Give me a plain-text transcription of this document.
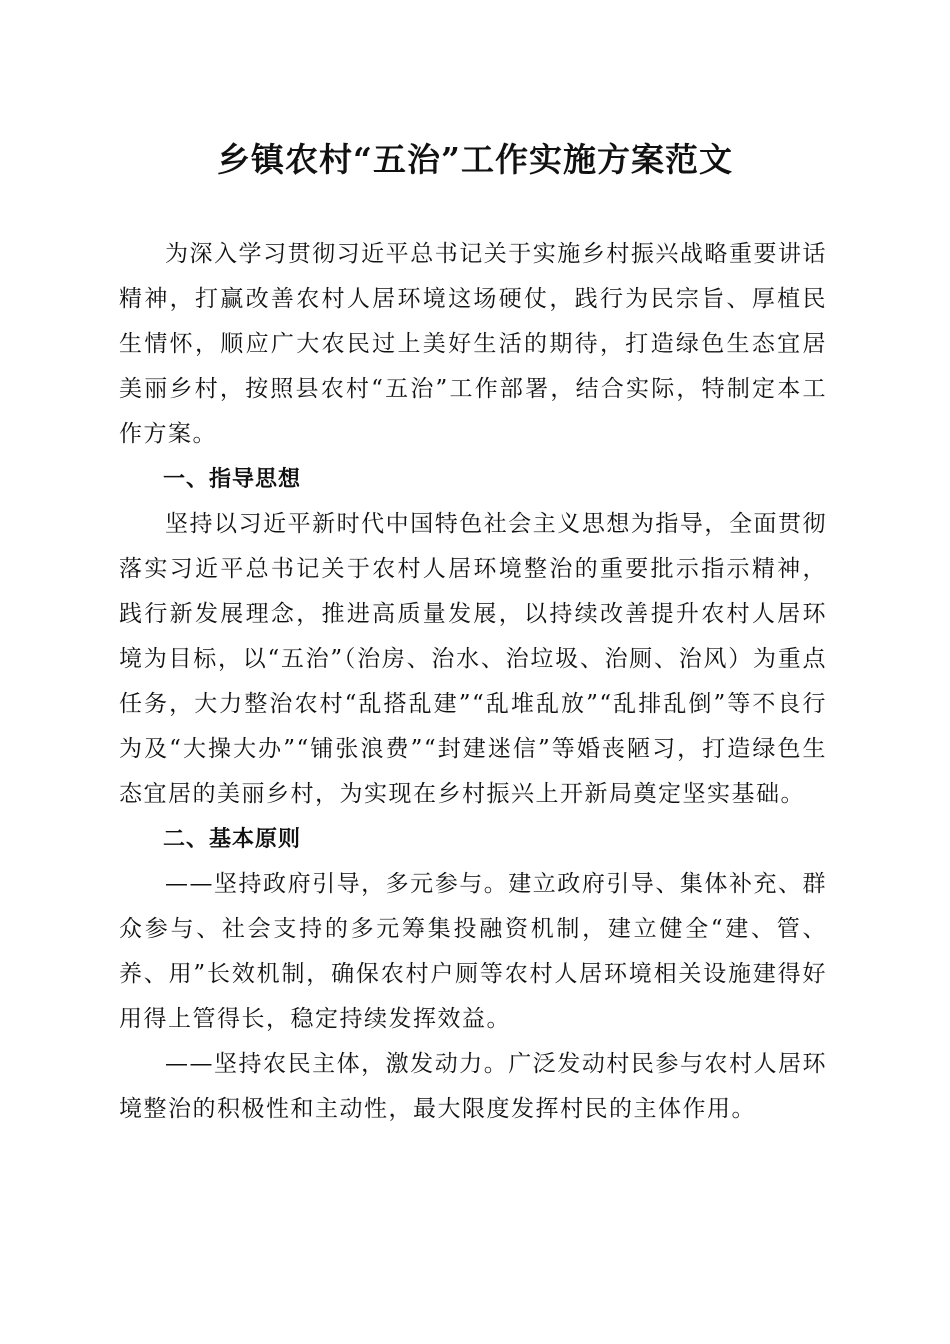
乡镇农村“五治”工作实施方案范文

为深入学习贯彻习近平总书记关于实施乡村振兴战略重要讲话精神，打赢改善农村人居环境这场硬仗，践行为民宗旨、厚植民生情怀，顺应广大农民过上美好生活的期待，打造绿色生态宜居美丽乡村，按照县农村“五治”工作部署，结合实际，特制定本工作方案。

一、指导思想

坚持以习近平新时代中国特色社会主义思想为指导，全面贯彻落实习近平总书记关于农村人居环境整治的重要批示指示精神，践行新发展理念，推进高质量发展，以持续改善提升农村人居环境为目标，以“五治”（治房、治水、治垃圾、治厕、治风）为重点任务，大力整治农村“乱搭乱建”“乱堆乱放”“乱排乱倒”等不良行为及“大操大办”“铺张浪费”“封建迷信”等婚丧陋习，打造绿色生态宜居的美丽乡村，为实现在乡村振兴上开新局奠定坚实基础。

二、基本原则

——坚持政府引导，多元参与。建立政府引导、集体补充、群众参与、社会支持的多元筹集投融资机制，建立健全“建、管、养、用”长效机制，确保农村户厕等农村人居环境相关设施建得好用得上管得长，稳定持续发挥效益。

——坚持农民主体，激发动力。广泛发动村民参与农村人居环境整治的积极性和主动性，最大限度发挥村民的主体作用。
